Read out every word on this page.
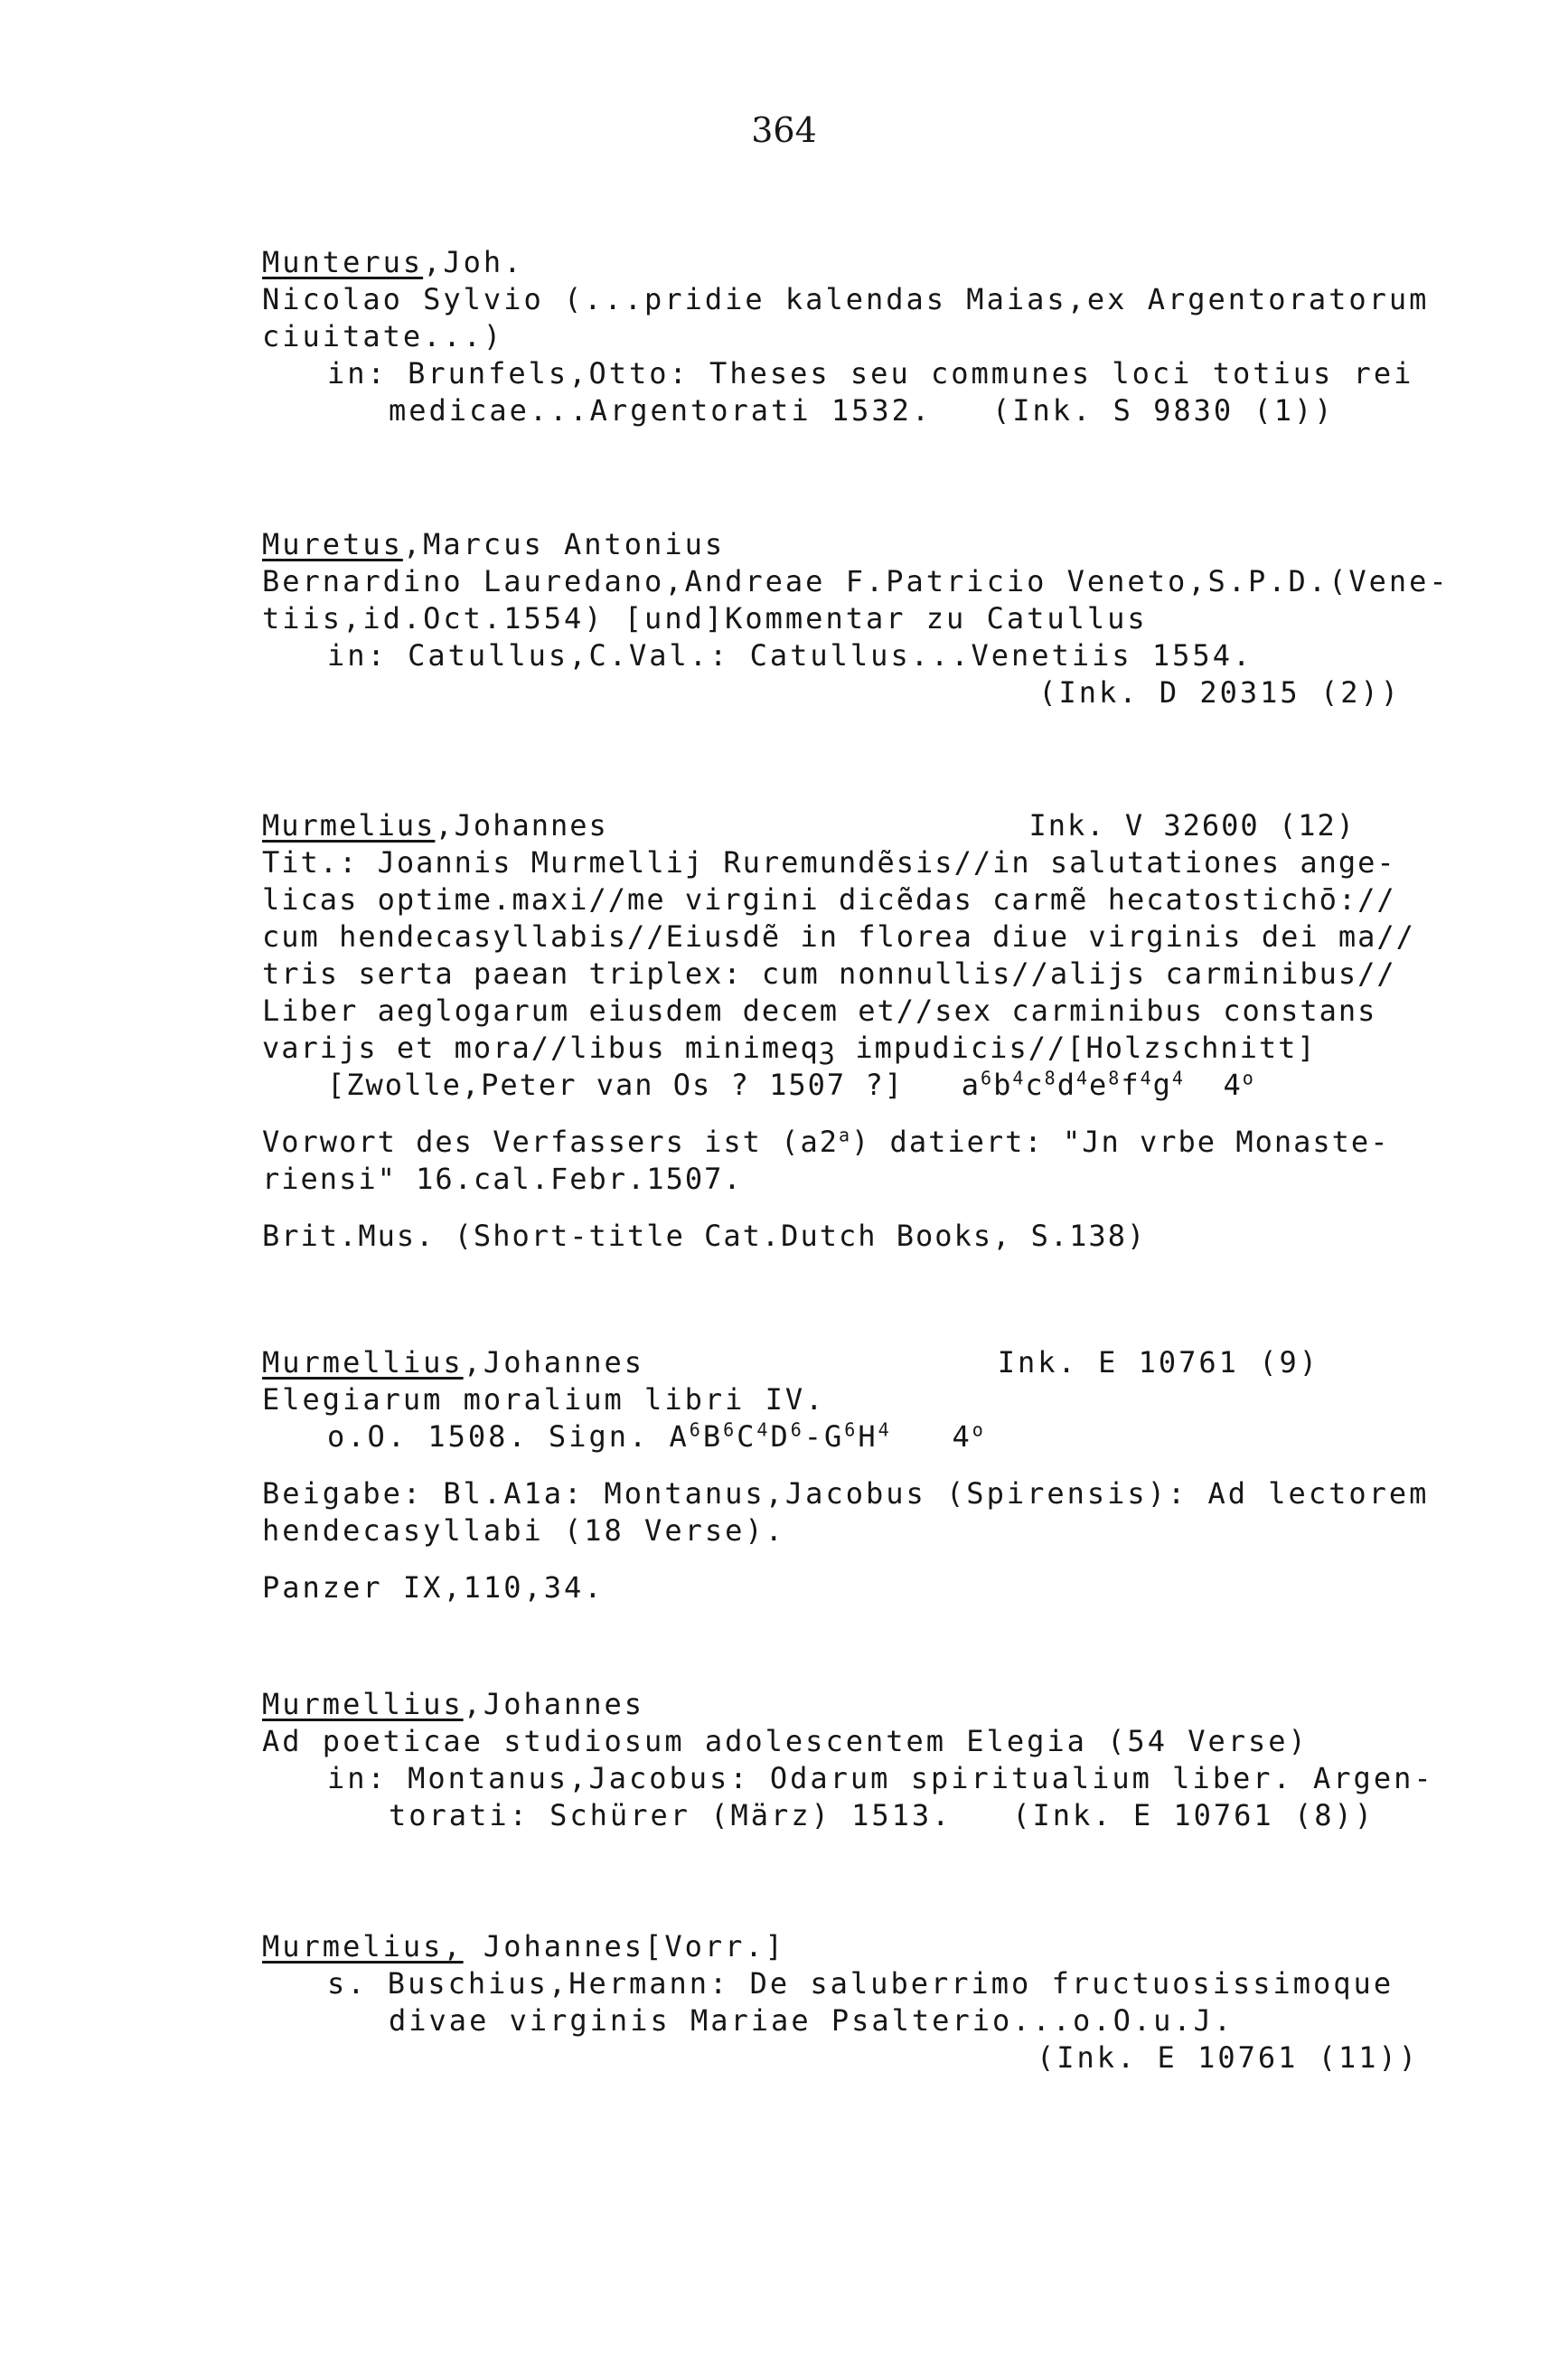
364
Munterus,Joh.
Nicolao Sylvio (...pridie kalendas Maias,ex Argentoratorum
ciuitate...)
in: Brunfels,Otto: Theses seu communes loci totius rei
medicae...Argentorati 1532.   (Ink. S 9830 (1))
Muretus,Marcus Antonius
Bernardino Lauredano,Andreae F.Patricio Veneto,S.P.D.(Vene-
tiis,id.Oct.1554) [und]Kommentar zu Catullus
in: Catullus,C.Val.: Catullus...Venetiis 1554.
(Ink. D 20315 (2))
Murmelius,Johannes	Ink. V 32600 (12)
Tit.: Joannis Murmellij Ruremundẽsis//in salutationes ange-
licas optime.maxi//me virgini dicẽdas carmẽ hecatostichō://
cum hendecasyllabis//Eiusdẽ in florea diue virginis dei ma//
tris serta paean triplex: cum nonnullis//alijs carminibus//
Liber aeglogarum eiusdem decem et//sex carminibus constans
varijs et mora//libus minimeqꝫ impudicis//[Holzschnitt]
[Zwolle,Peter van Os ? 1507 ?] $a^6b^4c^8d^4e^8f^4g^4$ 4$^o$
Vorwort des Verfassers ist (a2$^a$) datiert: "Jn vrbe Monaste-
riensi" 16.cal.Febr.1507.
Brit.Mus. (Short-title Cat.Dutch Books, S.138)
Murmellius,Johannes	Ink. E 10761 (9)
Elegiarum moralium libri IV.
o.O. 1508. Sign. $A^6B^6C^4D^6-G^6H^4$ 4$^o$
Beigabe: Bl.A1a: Montanus,Jacobus (Spirensis): Ad lectorem
hendecasyllabi (18 Verse).
Panzer IX,110,34.
Murmellius,Johannes
Ad poeticae studiosum adolescentem Elegia (54 Verse)
in: Montanus,Jacobus: Odarum spiritualium liber. Argen-
torati: Schürer (März) 1513.   (Ink. E 10761 (8))
Murmelius, Johannes[Vorr.]
s. Buschius,Hermann: De saluberrimo fructuosissimoque
divae virginis Mariae Psalterio...o.O.u.J.
(Ink. E 10761 (11))
